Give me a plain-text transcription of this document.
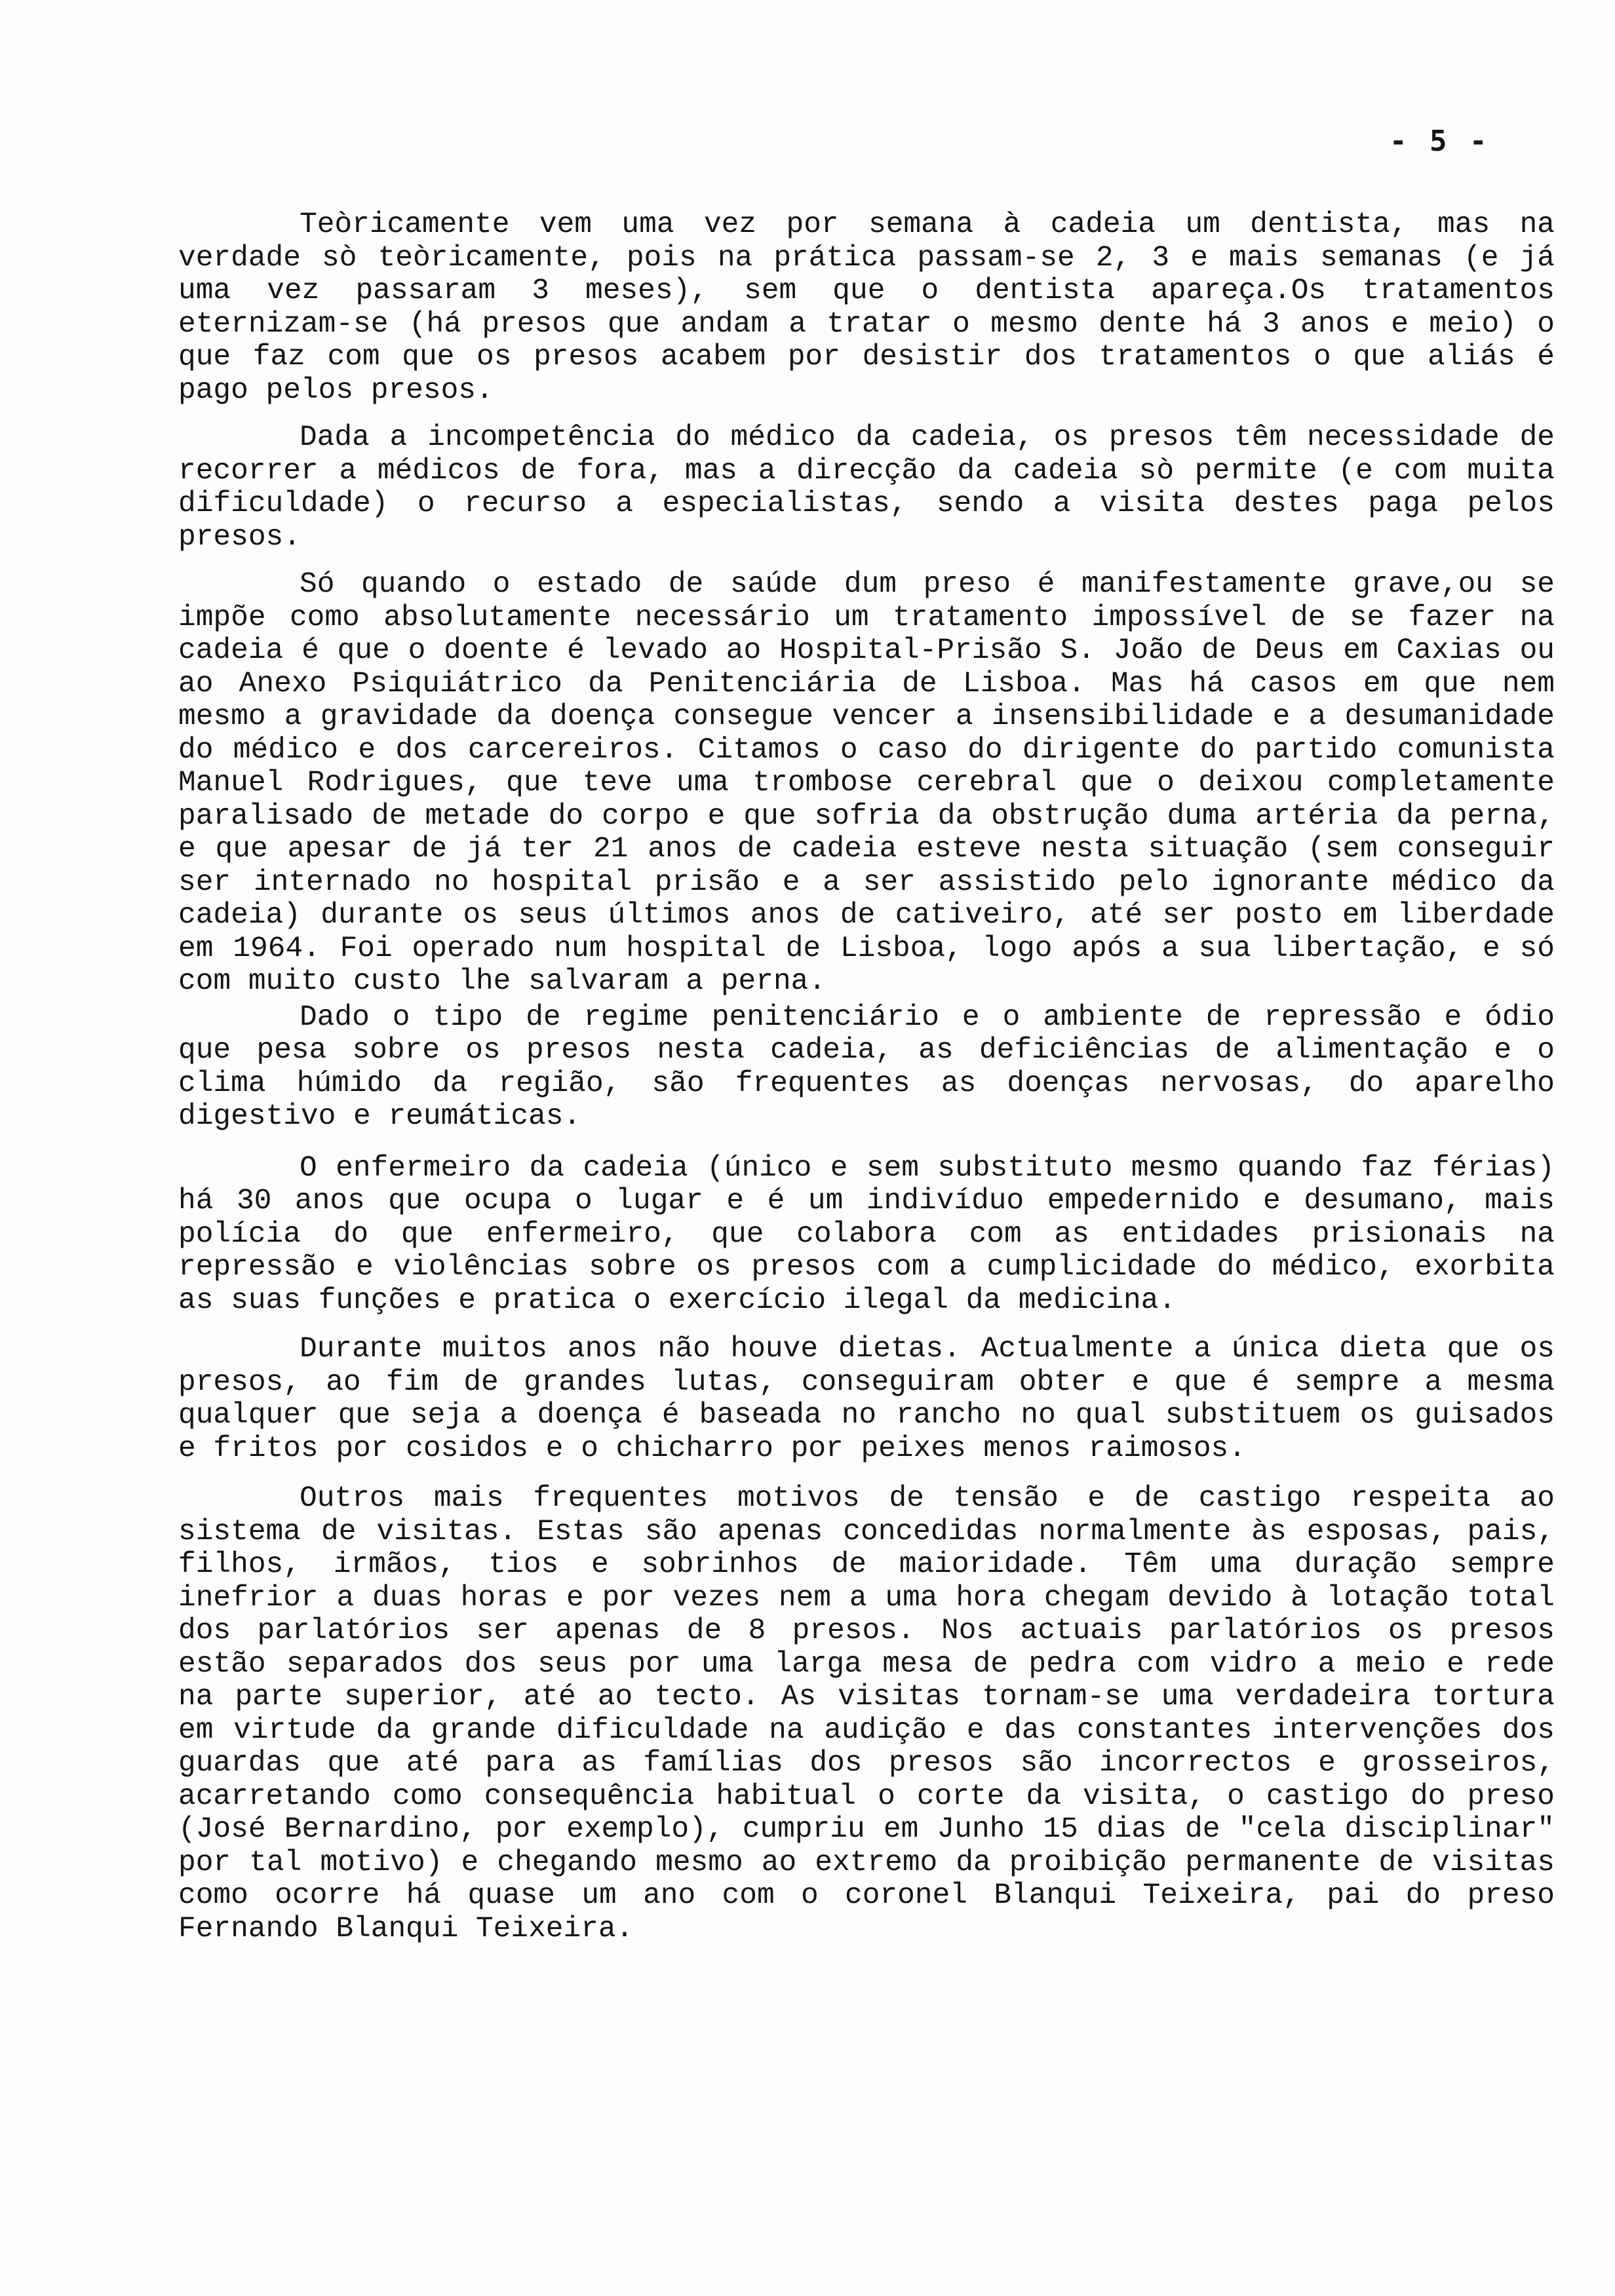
- 5 -

Teòricamente vem uma vez por semana à cadeia um dentista, mas na verdade sò teòricamente, pois na prática passam-se 2, 3 e mais semanas (e já uma vez passaram 3 meses), sem que o dentista apareça.Os tratamentos eternizam-se (há presos que andam a tratar o mesmo dente há 3 anos e meio) o que faz com que os presos acabem por desistir dos tratamentos o que aliás é pago pelos presos.

Dada a incompetência do médico da cadeia, os presos têm necessidade de recorrer a médicos de fora, mas a direcção da cadeia sò permite (e com muita dificuldade) o recurso a especialistas, sendo a visita destes paga pelos presos.

Só quando o estado de saúde dum preso é manifestamente grave,ou se impõe como absolutamente necessário um tratamento impossível de se fazer na cadeia é que o doente é levado ao Hospital-Prisão S. João de Deus em Caxias ou ao Anexo Psiquiátrico da Penitenciária de Lisboa. Mas há casos em que nem mesmo a gravidade da doença consegue vencer a insensibilidade e a desumanidade do médico e dos carcereiros. Citamos o caso do dirigente do partido comunista Manuel Rodrigues, que teve uma trombose cerebral que o deixou completamente paralisado de metade do corpo e que sofria da obstrução duma artéria da perna, e que apesar de já ter 21 anos de cadeia esteve nesta situação (sem conseguir ser internado no hospital prisão e a ser assistido pelo ignorante médico da cadeia) durante os seus últimos anos de cativeiro, até ser posto em liberdade em 1964. Foi operado num hospital de Lisboa, logo após a sua libertação, e só com muito custo lhe salvaram a perna.

Dado o tipo de regime penitenciário e o ambiente de repressão e ódio que pesa sobre os presos nesta cadeia, as deficiências de alimentação e o clima húmido da região, são frequentes as doenças nervosas, do aparelho digestivo e reumáticas.

O enfermeiro da cadeia (único e sem substituto mesmo quando faz férias) há 30 anos que ocupa o lugar e é um indivíduo empedernido e desumano, mais polícia do que enfermeiro, que colabora com as entidades prisionais na repressão e violências sobre os presos com a cumplicidade do médico, exorbita as suas funções e pratica o exercício ilegal da medicina.

Durante muitos anos não houve dietas. Actualmente a única dieta que os presos, ao fim de grandes lutas, conseguiram obter e que é sempre a mesma qualquer que seja a doença é baseada no rancho no qual substituem os guisados e fritos por cosidos e o chicharro por peixes menos raimosos.

Outros mais frequentes motivos de tensão e de castigo respeita ao sistema de visitas. Estas são apenas concedidas normalmente às esposas, pais, filhos, irmãos, tios e sobrinhos de maioridade. Têm uma duração sempre inefrior a duas horas e por vezes nem a uma hora chegam devido à lotação total dos parlatórios ser apenas de 8 presos. Nos actuais parlatórios os presos estão separados dos seus por uma larga mesa de pedra com vidro a meio e rede na parte superior, até ao tecto. As visitas tornam-se uma verdadeira tortura em virtude da grande dificuldade na audição e das constantes intervenções dos guardas que até para as famílias dos presos são incorrectos e grosseiros, acarretando como consequência habitual o corte da visita, o castigo do preso (José Bernardino, por exemplo), cumpriu em Junho 15 dias de "cela disciplinar" por tal motivo) e chegando mesmo ao extremo da proibição permanente de visitas como ocorre há quase um ano com o coronel Blanqui Teixeira, pai do preso Fernando Blanqui Teixeira.
